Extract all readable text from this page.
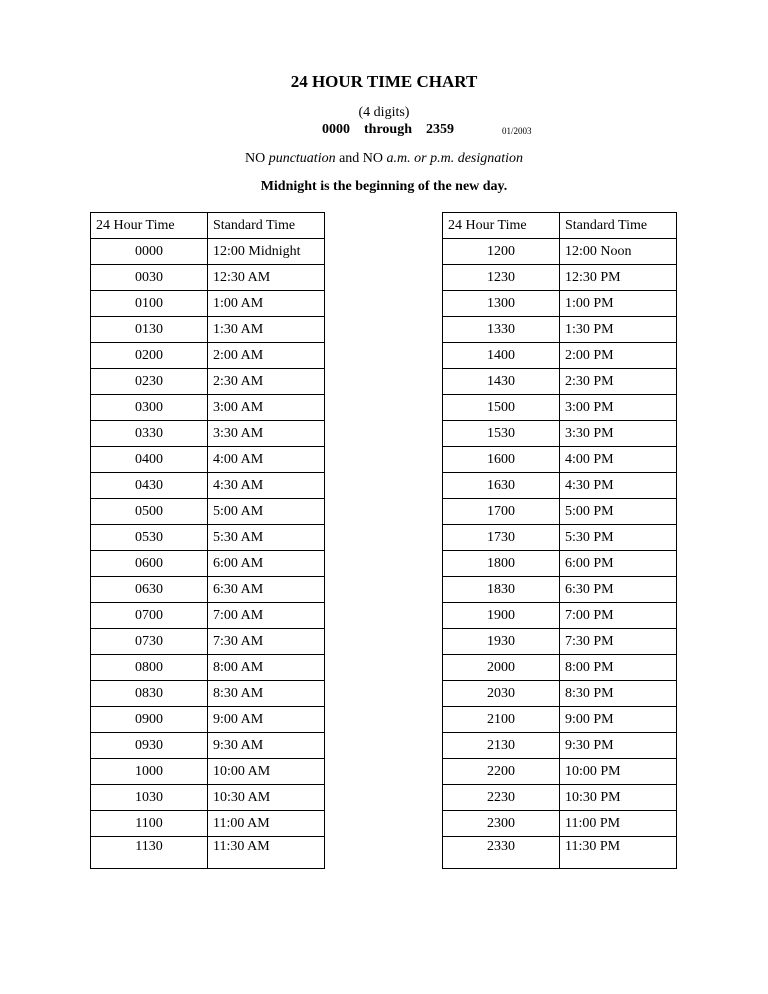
24 HOUR TIME CHART
(4 digits)
0000    through    2359	01/2003
NO punctuation and NO a.m. or p.m. designation
Midnight is the beginning of the new day.
24 Hour Time	Standard Time
0000	12:00 Midnight
0030	12:30 AM
0100	1:00 AM
0130	1:30 AM
0200	2:00 AM
0230	2:30 AM
0300	3:00 AM
0330	3:30 AM
0400	4:00 AM
0430	4:30 AM
0500	5:00 AM
0530	5:30 AM
0600	6:00 AM
0630	6:30 AM
0700	7:00 AM
0730	7:30 AM
0800	8:00 AM
0830	8:30 AM
0900	9:00 AM
0930	9:30 AM
1000	10:00 AM
1030	10:30 AM
1100	11:00 AM
1130	11:30 AM
24 Hour Time	Standard Time
1200	12:00 Noon
1230	12:30 PM
1300	1:00 PM
1330	1:30 PM
1400	2:00 PM
1430	2:30 PM
1500	3:00 PM
1530	3:30 PM
1600	4:00 PM
1630	4:30 PM
1700	5:00 PM
1730	5:30 PM
1800	6:00 PM
1830	6:30 PM
1900	7:00 PM
1930	7:30 PM
2000	8:00 PM
2030	8:30 PM
2100	9:00 PM
2130	9:30 PM
2200	10:00 PM
2230	10:30 PM
2300	11:00 PM
2330	11:30 PM
